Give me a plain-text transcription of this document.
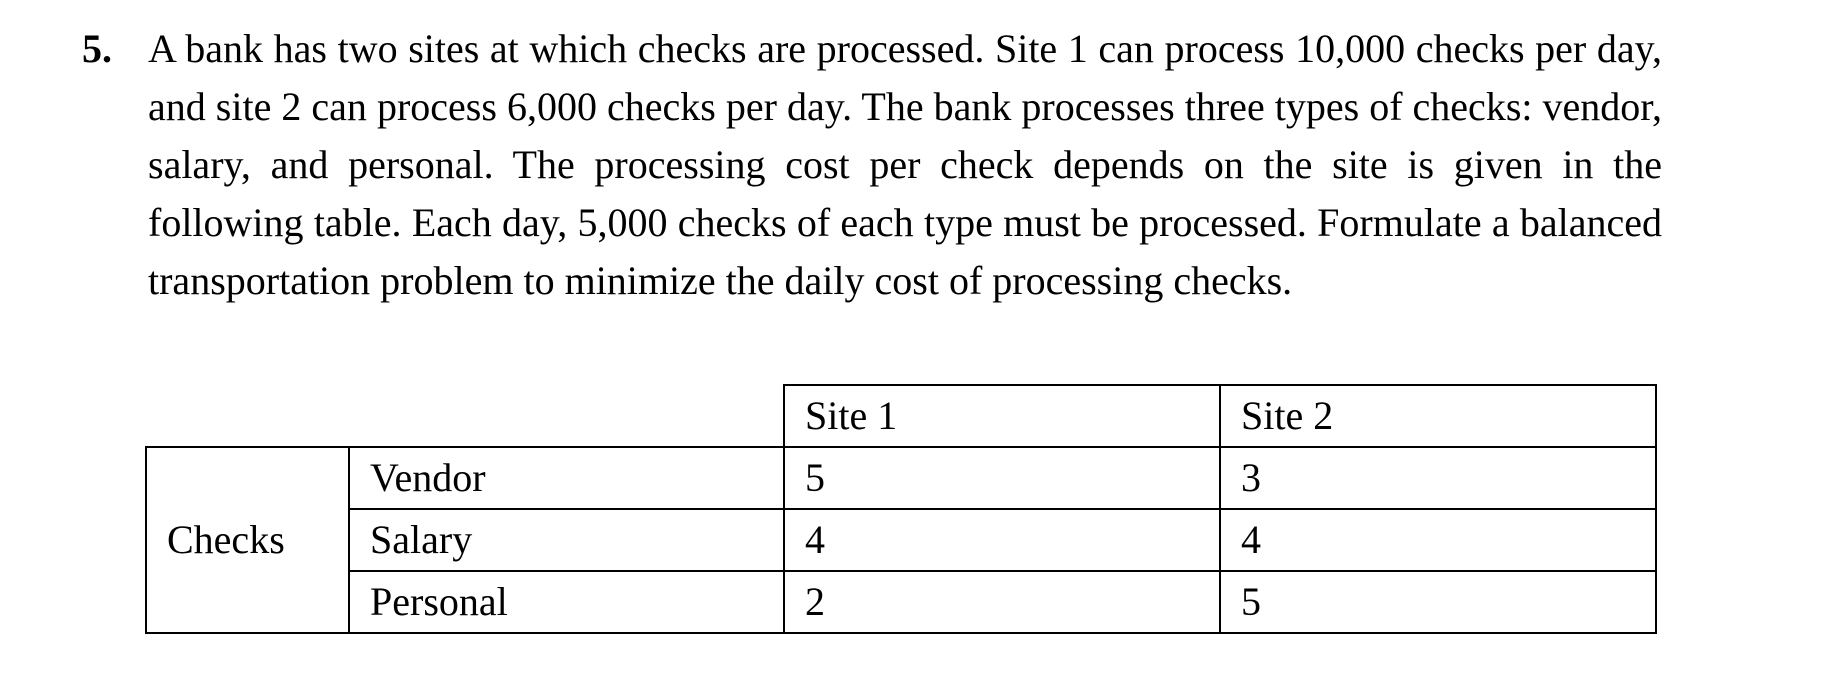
5. A bank has two sites at which checks are processed. Site 1 can process 10,000 checks per day, and site 2 can process 6,000 checks per day. The bank processes three types of checks: vendor, salary, and personal. The processing cost per check depends on the site is given in the following table. Each day, 5,000 checks of each type must be processed. Formulate a balanced transportation problem to minimize the daily cost of processing checks.
		Site 1	Site 2
Checks	Vendor	5	3
	Salary	4	4
	Personal	2	5
